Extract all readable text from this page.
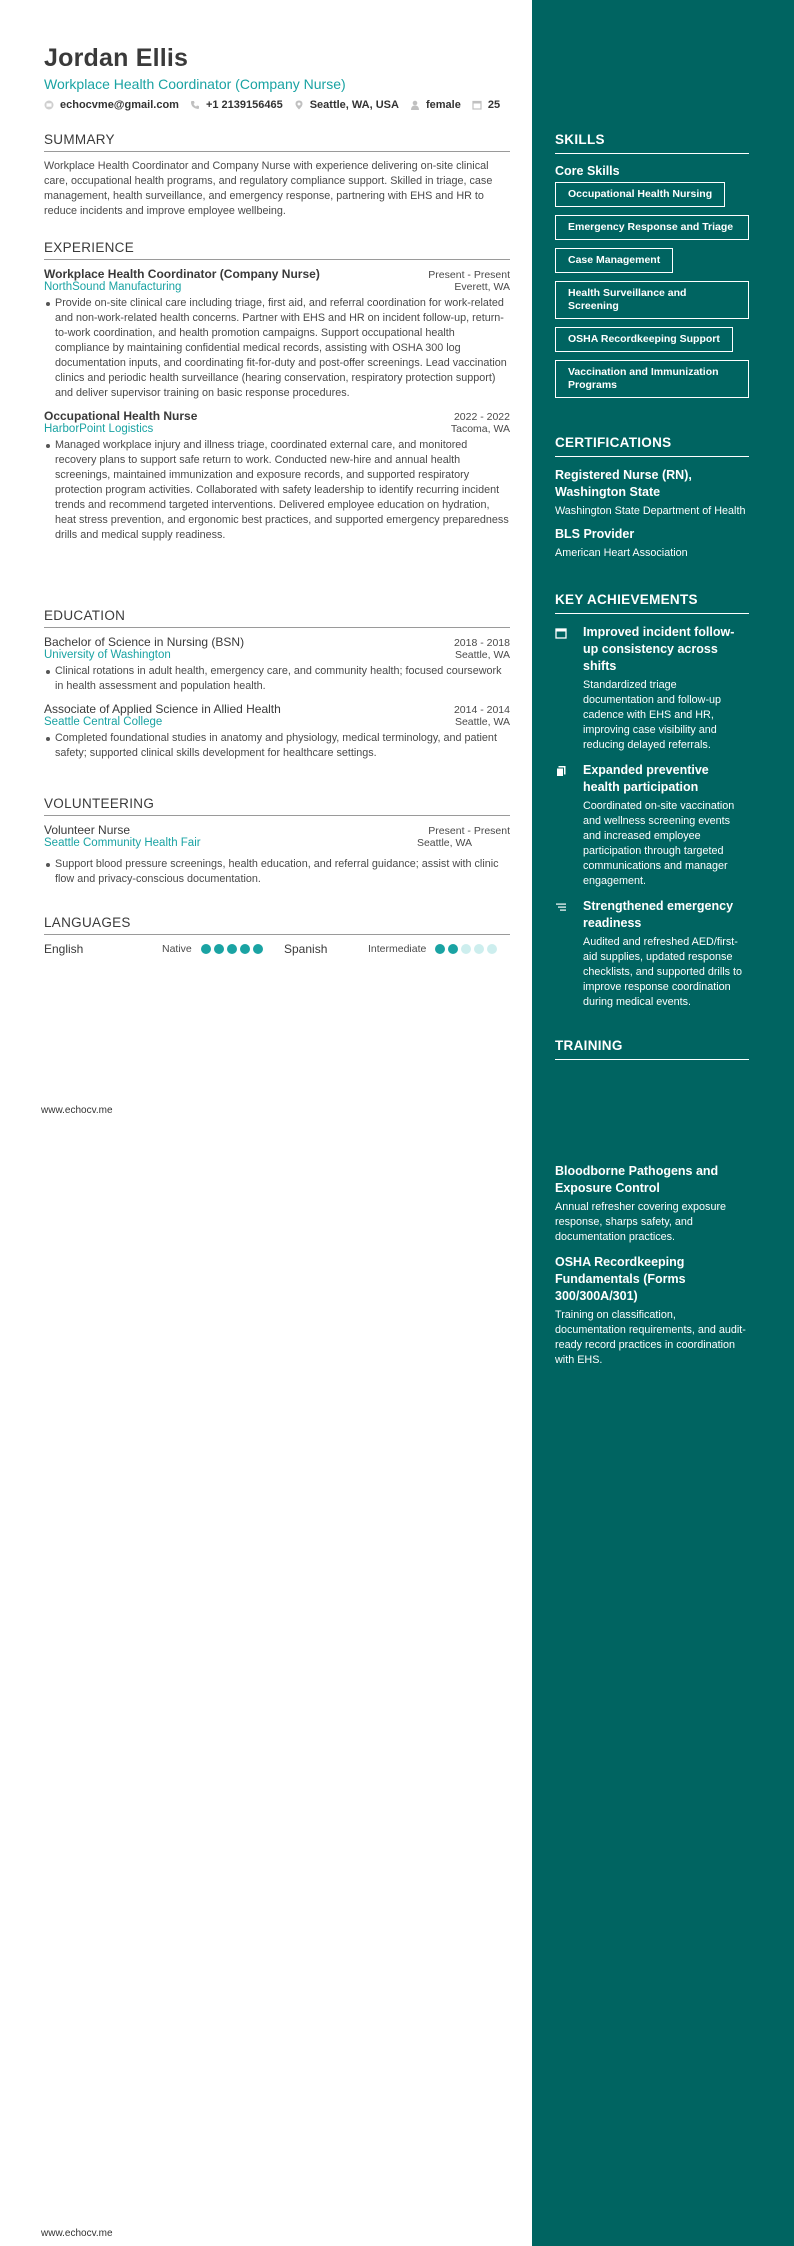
Jordan Ellis
Workplace Health Coordinator (Company Nurse)
echocvme@gmail.com +1 2139156465 Seattle, WA, USA female 25
SUMMARY
Workplace Health Coordinator and Company Nurse with experience delivering on-site clinical care, occupational health programs, and regulatory compliance support. Skilled in triage, case management, health surveillance, and emergency response, partnering with EHS and HR to reduce incidents and improve employee wellbeing.
EXPERIENCE
Workplace Health Coordinator (Company Nurse)	Present - Present
NorthSound Manufacturing	Everett, WA
Provide on-site clinical care including triage, first aid, and referral coordination for work-related and non-work-related health concerns. Partner with EHS and HR on incident follow-up, return-to-work coordination, and health promotion campaigns. Support occupational health compliance by maintaining confidential medical records, assisting with OSHA 300 log documentation inputs, and coordinating fit-for-duty and post-offer screenings. Lead vaccination clinics and periodic health surveillance (hearing conservation, respiratory protection support) and deliver supervisor training on basic response procedures.
Occupational Health Nurse	2022 - 2022
HarborPoint Logistics	Tacoma, WA
Managed workplace injury and illness triage, coordinated external care, and monitored recovery plans to support safe return to work. Conducted new-hire and annual health screenings, maintained immunization and exposure records, and supported respiratory protection program activities. Collaborated with safety leadership to identify recurring incident trends and recommend targeted interventions. Delivered employee education on hydration, heat stress prevention, and ergonomic best practices, and supported emergency preparedness drills and medical supply readiness.
EDUCATION
Bachelor of Science in Nursing (BSN)	2018 - 2018
University of Washington	Seattle, WA
Clinical rotations in adult health, emergency care, and community health; focused coursework in health assessment and population health.
Associate of Applied Science in Allied Health	2014 - 2014
Seattle Central College	Seattle, WA
Completed foundational studies in anatomy and physiology, medical terminology, and patient safety; supported clinical skills development for healthcare settings.
VOLUNTEERING
Volunteer Nurse	Present - Present
Seattle Community Health Fair	Seattle, WA
Support blood pressure screenings, health education, and referral guidance; assist with clinic flow and privacy-conscious documentation.
LANGUAGES
English	Native	Spanish	Intermediate
www.echocv.me
www.echocv.me
SKILLS
Core Skills
Occupational Health Nursing Emergency Response and Triage Case Management Health Surveillance and Screening OSHA Recordkeeping Support Vaccination and Immunization Programs
CERTIFICATIONS
Registered Nurse (RN), Washington State
Washington State Department of Health
BLS Provider
American Heart Association
KEY ACHIEVEMENTS
Improved incident follow-up consistency across shifts
Standardized triage documentation and follow-up cadence with EHS and HR, improving case visibility and reducing delayed referrals.
Expanded preventive health participation
Coordinated on-site vaccination and wellness screening events and increased employee participation through targeted communications and manager engagement.
Strengthened emergency readiness
Audited and refreshed AED/first-aid supplies, updated response checklists, and supported drills to improve response coordination during medical events.
TRAINING
Bloodborne Pathogens and Exposure Control
Annual refresher covering exposure response, sharps safety, and documentation practices.
OSHA Recordkeeping Fundamentals (Forms 300/300A/301)
Training on classification, documentation requirements, and audit-ready record practices in coordination with EHS.
